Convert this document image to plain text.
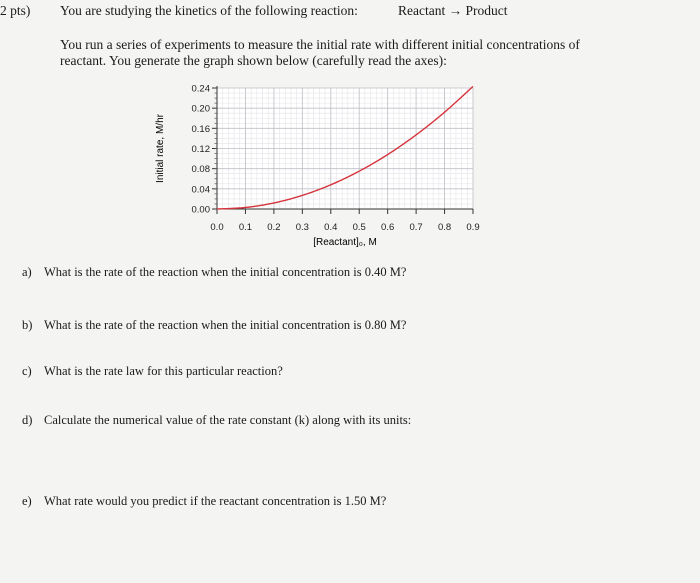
2 pts) You are studying the kinetics of the following reaction:	Reactant → Product
You run a series of experiments to measure the initial rate with different initial concentrations of
reactant. You generate the graph shown below (carefully read the axes):
0.00
0.04
0.08
0.12
0.16
0.20
0.24
0.0 0.1 0.2 0.3 0.4 0.5 0.6 0.7 0.8 0.9
Initial rate, M/hr
[Reactant]₀, M
a) What is the rate of the reaction when the initial concentration is 0.40 M?
b) What is the rate of the reaction when the initial concentration is 0.80 M?
c) What is the rate law for this particular reaction?
d) Calculate the numerical value of the rate constant (k) along with its units:
e) What rate would you predict if the reactant concentration is 1.50 M?
